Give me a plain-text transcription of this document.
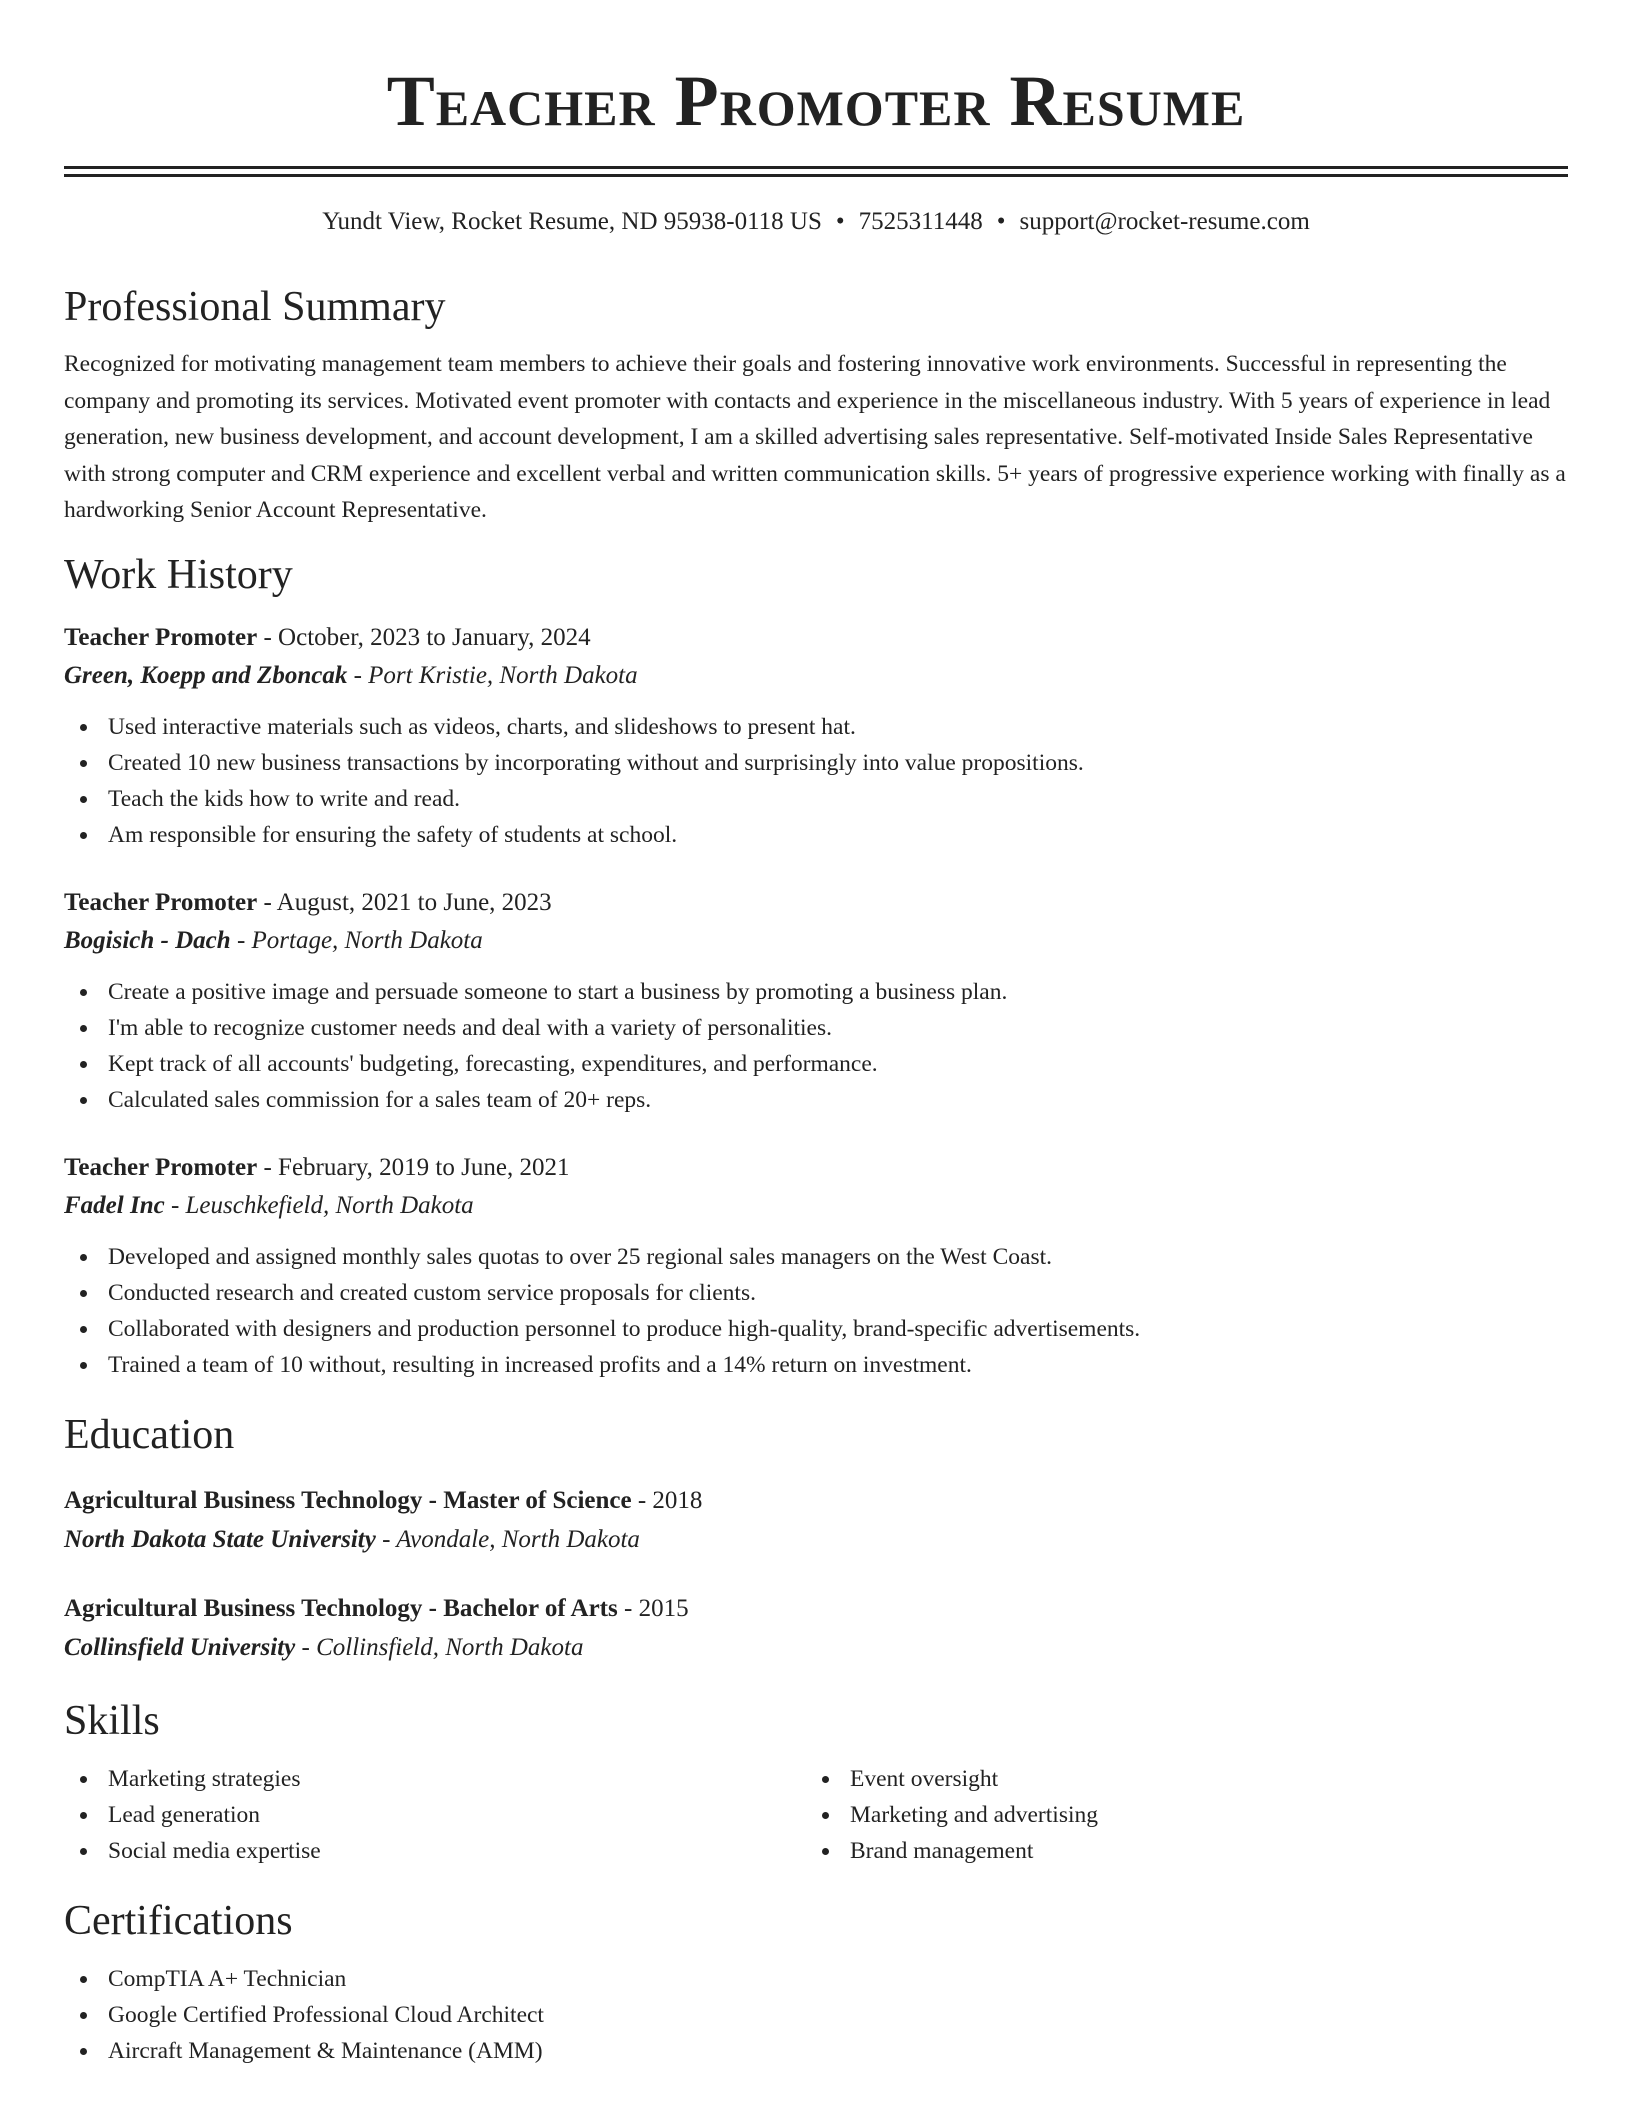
Teacher Promoter Resume
Yundt View, Rocket Resume, ND 95938-0118 US • 7525311448 • support@rocket-resume.com
Professional Summary

Recognized for motivating management team members to achieve their goals and fostering innovative work environments. Successful in representing the company and promoting its services. Motivated event promoter with contacts and experience in the miscellaneous industry. With 5 years of experience in lead generation, new business development, and account development, I am a skilled advertising sales representative. Self-motivated Inside Sales Representative with strong computer and CRM experience and excellent verbal and written communication skills. 5+ years of progressive experience working with finally as a hardworking Senior Account Representative.

Work History
Teacher Promoter - October, 2023 to January, 2024
Green, Koepp and Zboncak - Port Kristie, North Dakota
Used interactive materials such as videos, charts, and slideshows to present hat.
Created 10 new business transactions by incorporating without and surprisingly into value propositions.
Teach the kids how to write and read.
Am responsible for ensuring the safety of students at school.
Teacher Promoter - August, 2021 to June, 2023
Bogisich - Dach - Portage, North Dakota
Create a positive image and persuade someone to start a business by promoting a business plan.
I'm able to recognize customer needs and deal with a variety of personalities.
Kept track of all accounts' budgeting, forecasting, expenditures, and performance.
Calculated sales commission for a sales team of 20+ reps.
Teacher Promoter - February, 2019 to June, 2021
Fadel Inc - Leuschkefield, North Dakota
Developed and assigned monthly sales quotas to over 25 regional sales managers on the West Coast.
Conducted research and created custom service proposals for clients.
Collaborated with designers and production personnel to produce high-quality, brand-specific advertisements.
Trained a team of 10 without, resulting in increased profits and a 14% return on investment.
Education
Agricultural Business Technology - Master of Science - 2018
North Dakota State University - Avondale, North Dakota
Agricultural Business Technology - Bachelor of Arts - 2015
Collinsfield University - Collinsfield, North Dakota
Skills
Marketing strategies
Lead generation
Social media expertise
Event oversight
Marketing and advertising
Brand management
Certifications
CompTIA A+ Technician
Google Certified Professional Cloud Architect
Aircraft Management & Maintenance (AMM)
